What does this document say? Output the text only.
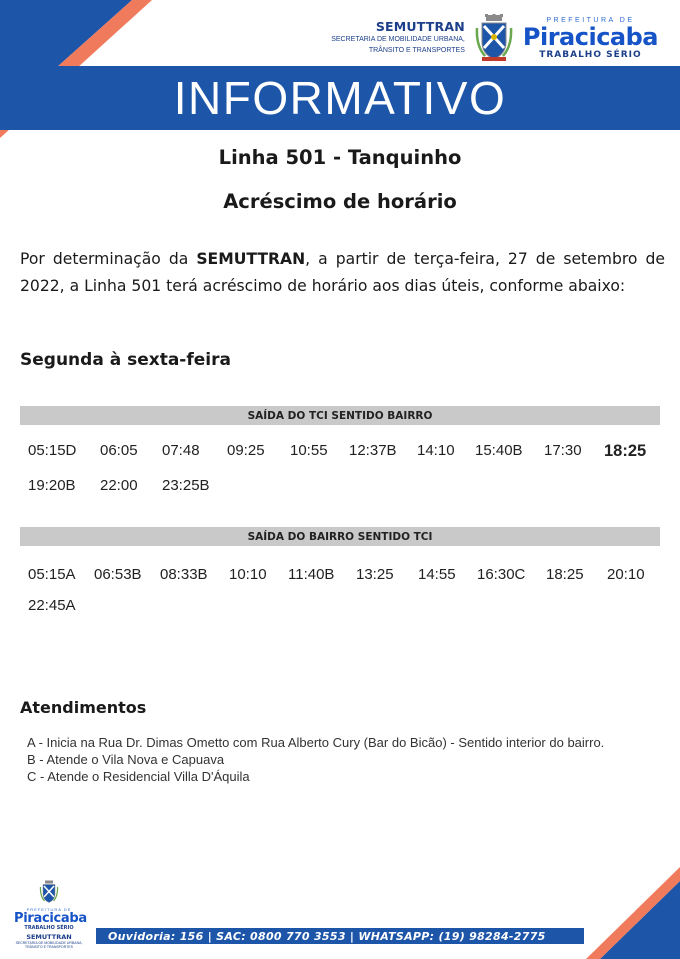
SEMUTTRAN
SECRETARIA DE MOBILIDADE URBANA,
TRÂNSITO E TRANSPORTES
PREFEITURA DE
Piracicaba
TRABALHO SÉRIO
INFORMATIVO
Linha 501 - Tanquinho
Acréscimo de horário

Por determinação da SEMUTTRAN, a partir de terça-feira, 27 de setembro de 2022, a Linha 501 terá acréscimo de horário aos dias úteis, conforme abaixo:

Segunda à sexta-feira
SAÍDA DO TCI SENTIDO BAIRRO
05:15D 06:05 07:48 09:25 10:55 12:37B 14:10 15:40B 17:30 18:25
19:20B 22:00 23:25B
SAÍDA DO BAIRRO SENTIDO TCI
05:15A 06:53B 08:33B 10:10 11:40B 13:25 14:55 16:30C 18:25 20:10
22:45A
Atendimentos
A - Inicia na Rua Dr. Dimas Ometto com Rua Alberto Cury (Bar do Bicão) - Sentido interior do bairro.
B - Atende o Vila Nova e Capuava
C - Atende o Residencial Villa D'Áquila
PREFEITURA DE
Piracicaba
TRABALHO SÉRIO
SEMUTTRAN
SECRETARIA DE MOBILIDADE URBANA,
TRÂNSITO E TRANSPORTES
Ouvidoria: 156 | SAC: 0800 770 3553 | WHATSAPP: (19) 98284-2775
